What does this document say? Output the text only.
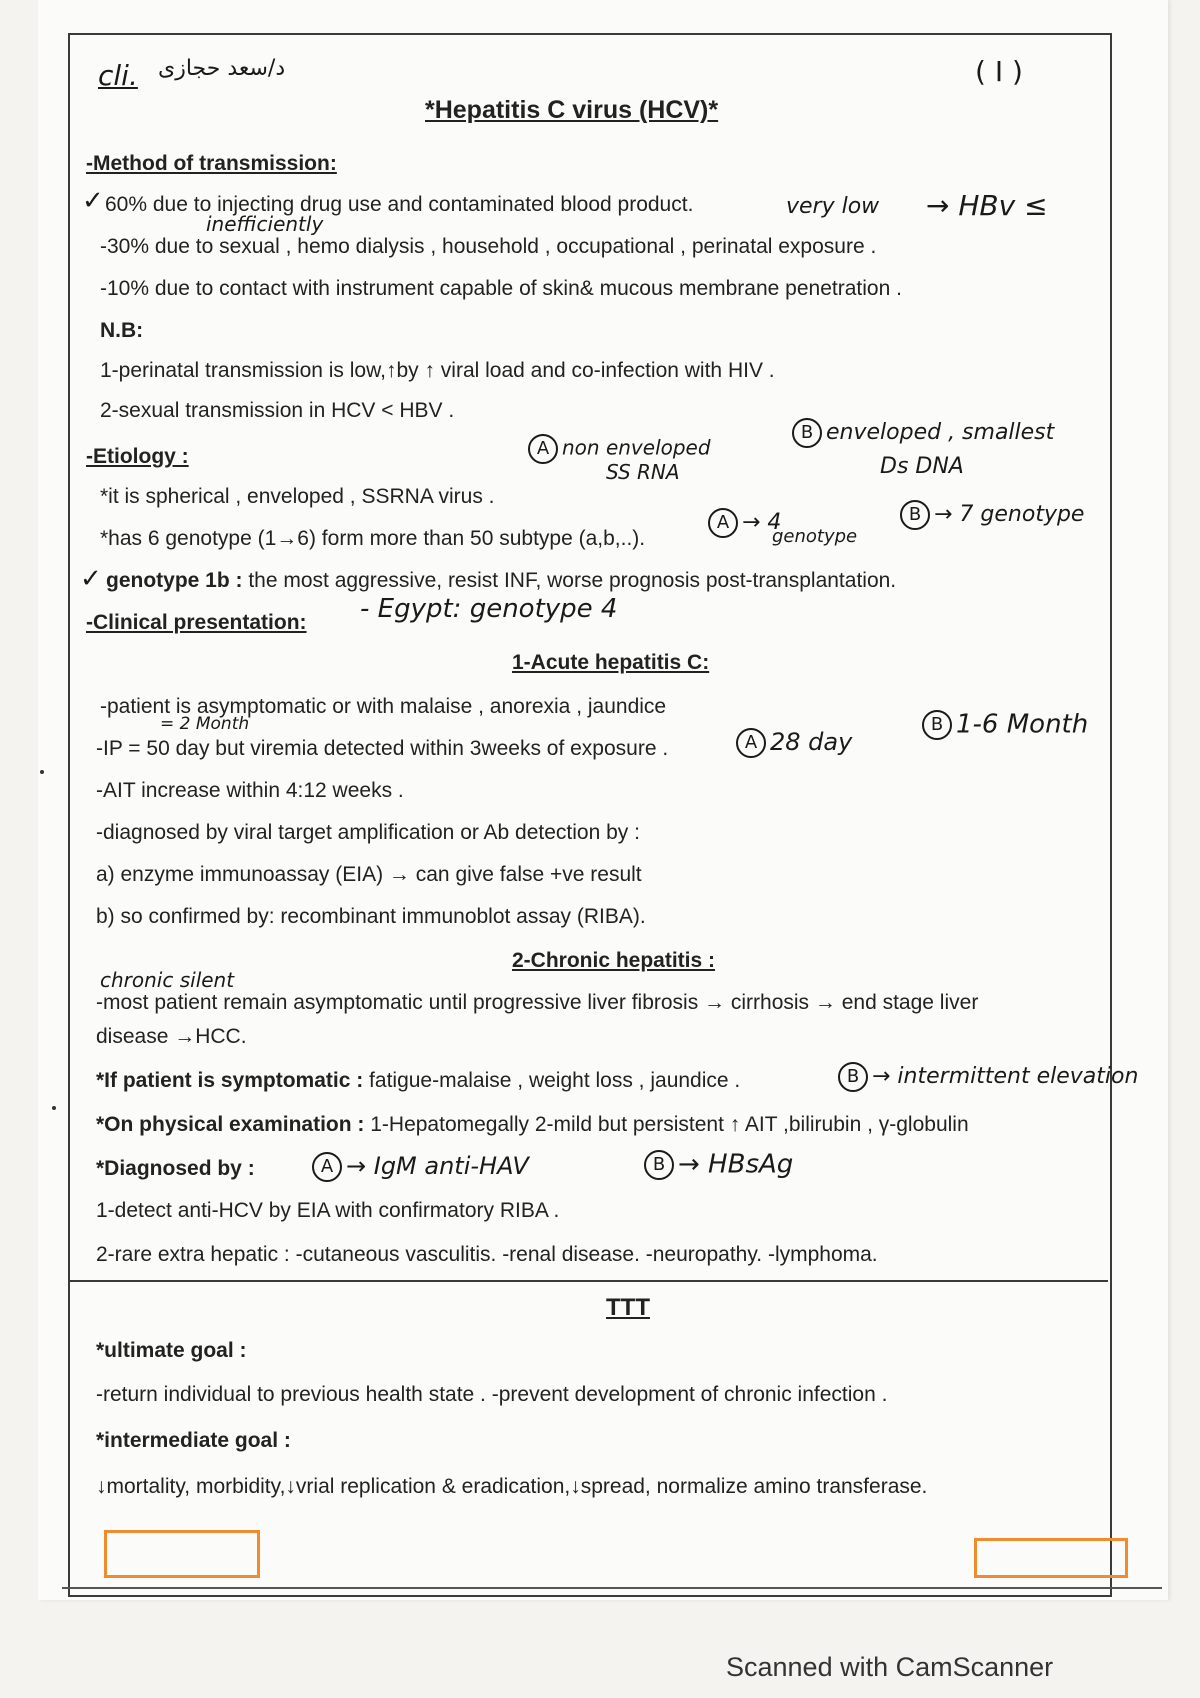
cli. د/سعد حجازى	( I )
*Hepatitis C virus (HCV)*
-Method of transmission:
✓ 60% due to injecting drug use and contaminated blood product.
-30% due to sexual , hemo dialysis , household , occupational , perinatal exposure .
-10% due to contact with instrument capable of skin& mucous membrane penetration .
N.B:
1-perinatal transmission is low,↑by ↑ viral load and co-infection with HIV .
2-sexual transmission in HCV < HBV .
very low → HBv ≤
inefficiently
-Etiology :
*it is spherical , enveloped , SSRNA virus .
*has 6 genotype (1→6) form more than 50 subtype (a,b,..).
✓ genotype 1b : the most aggressive, resist INF, worse prognosis post-transplantation.
A non enveloped
SS RNA
B enveloped , smallest
Ds DNA
A → 4
genotype
B → 7 genotype
-Clinical presentation: - Egypt: genotype 4
1-Acute hepatitis C:
-patient is asymptomatic or with malaise , anorexia , jaundice
= 2 Month
-IP = 50 day but viremia detected within 3weeks of exposure .	A 28 day
B 1-6 Month
-AIT increase within 4:12 weeks .
-diagnosed by viral target amplification or Ab detection by :
a) enzyme immunoassay (EIA) → can give false +ve result
b) so confirmed by: recombinant immunoblot assay (RIBA).
2-Chronic hepatitis :
chronic silent
-most patient remain asymptomatic until progressive liver fibrosis → cirrhosis → end stage liver
disease →HCC.
*If patient is symptomatic : fatigue-malaise , weight loss , jaundice .	B → intermittent elevation
*On physical examination : 1-Hepatomegally 2-mild but persistent ↑ AIT ,bilirubin , γ-globulin
*Diagnosed by :	A → IgM anti-HAV	B → HBsAg
1-detect anti-HCV by EIA with confirmatory RIBA .
2-rare extra hepatic : -cutaneous vasculitis. -renal disease. -neuropathy. -lymphoma.
TTT
*ultimate goal :
-return individual to previous health state . -prevent development of chronic infection .
*intermediate goal :
↓mortality, morbidity,↓vrial replication & eradication,↓spread, normalize amino transferase.
Scanned with CamScanner
